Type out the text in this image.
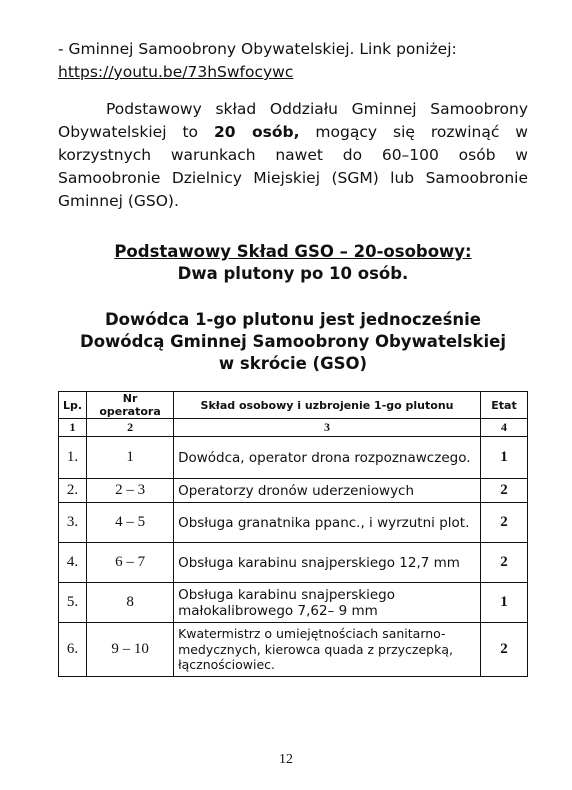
- Gminnej Samoobrony Obywatelskiej. Link poniżej:
https://youtu.be/73hSwfocywc
Podstawowy skład Oddziału Gminnej Samoobrony Obywatelskiej to 20 osób, mogący się rozwinąć w korzystnych warunkach nawet do 60–100 osób w Samoobronie Dzielnicy Miejskiej (SGM) lub Samoobronie Gminnej (GSO).
Podstawowy Skład GSO – 20-osobowy:
Dwa plutony po 10 osób.
Dowódca 1-go plutonu jest jednocześnie
Dowódcą Gminnej Samoobrony Obywatelskiej
w skrócie (GSO)
Lp.	Nr operatora	Skład osobowy i uzbrojenie 1-go plutonu	Etat
1	2	3	4
1.	1	Dowódca, operator drona rozpoznawczego.	1
2.	2 – 3	Operatorzy dronów uderzeniowych	2
3.	4 – 5	Obsługa granatnika ppanc., i wyrzutni plot.	2
4.	6 – 7	Obsługa karabinu snajperskiego 12,7 mm	2
5.	8	Obsługa karabinu snajperskiego małokalibrowego 7,62– 9 mm	1
6.	9 – 10	Kwatermistrz o umiejętnościach sanitarno-medycznych, kierowca quada z przyczepką, łącznościowiec.	2
12
